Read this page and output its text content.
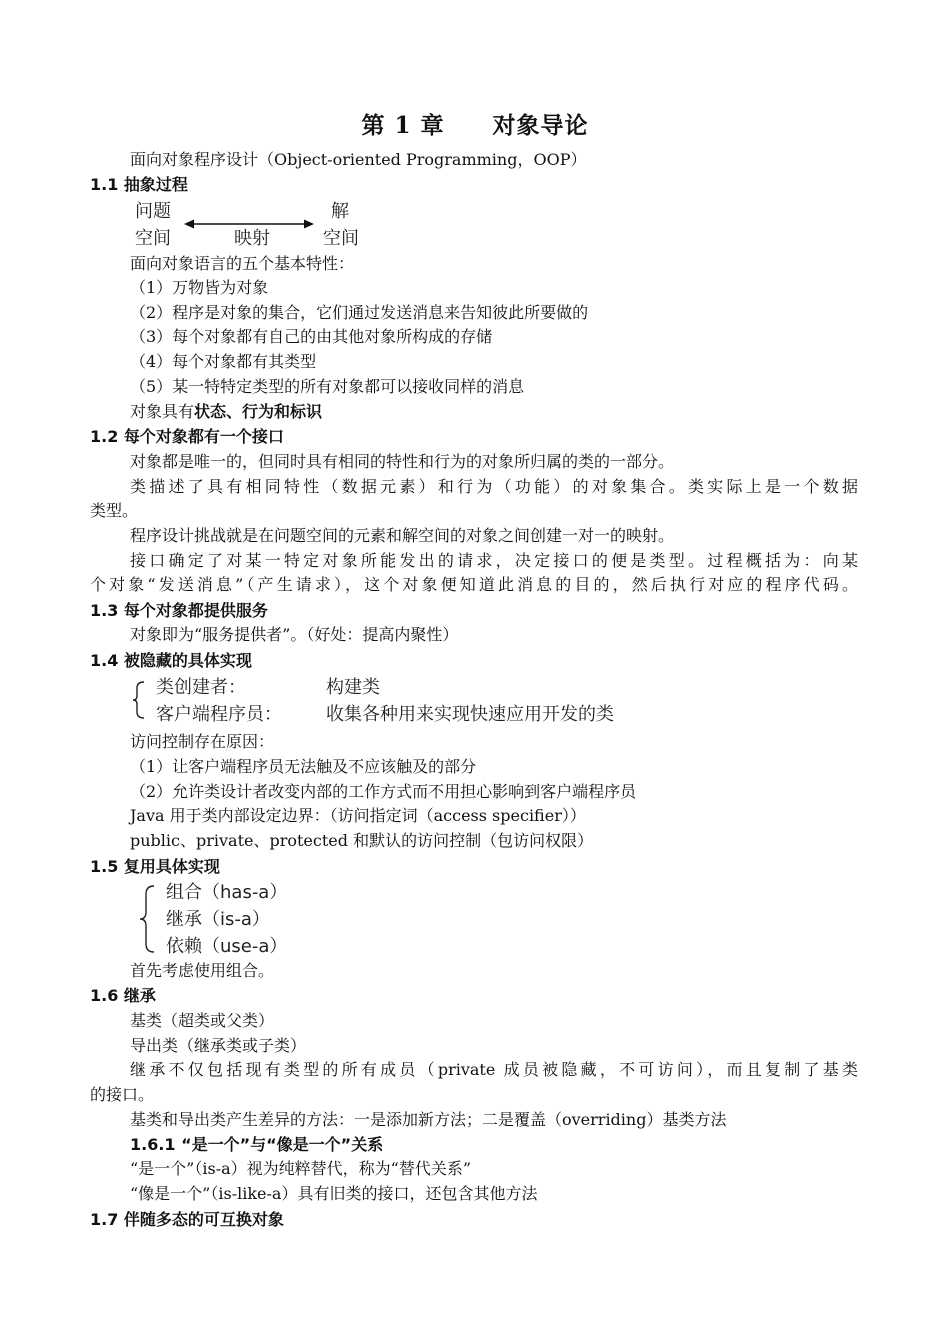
第 1 章 对象导论
面向对象程序设计（Object-oriented Programming，OOP）
1.1 抽象过程
问题
空间	映射
解
空间
面向对象语言的五个基本特性：
（1）万物皆为对象
（2）程序是对象的集合，它们通过发送消息来告知彼此所要做的
（3）每个对象都有自己的由其他对象所构成的存储
（4）每个对象都有其类型
（5）某一特特定类型的所有对象都可以接收同样的消息
对象具有状态、行为和标识
1.2 每个对象都有一个接口
对象都是唯一的，但同时具有相同的特性和行为的对象所归属的类的一部分。
类描述了具有相同特性（数据元素）和行为（功能）的对象集合。类实际上是一个数据
类型。
程序设计挑战就是在问题空间的元素和解空间的对象之间创建一对一的映射。
接口确定了对某一特定对象所能发出的请求，决定接口的便是类型。过程概括为：向某
个对象“发送消息”（产生请求），这个对象便知道此消息的目的，然后执行对应的程序代码。
1.3 每个对象都提供服务
对象即为“服务提供者”。（好处：提高内聚性）
1.4 被隐藏的具体实现
类创建者：	构建类
客户端程序员： 收集各种用来实现快速应用开发的类
访问控制存在原因：
（1）让客户端程序员无法触及不应该触及的部分
（2）允许类设计者改变内部的工作方式而不用担心影响到客户端程序员
Java 用于类内部设定边界：（访问指定词（access specifier））
public、private、protected 和默认的访问控制（包访问权限）
1.5 复用具体实现
组合（has-a）
继承（is-a）
依赖（use-a）
首先考虑使用组合。
1.6 继承
基类（超类或父类）
导出类（继承类或子类）
继承不仅包括现有类型的所有成员（private 成员被隐藏，不可访问），而且复制了基类
的接口。
基类和导出类产生差异的方法：一是添加新方法；二是覆盖（overriding）基类方法
1.6.1 “是一个”与“像是一个”关系
“是一个”（is-a）视为纯粹替代，称为“替代关系”
“像是一个”（is-like-a）具有旧类的接口，还包含其他方法
1.7 伴随多态的可互换对象
